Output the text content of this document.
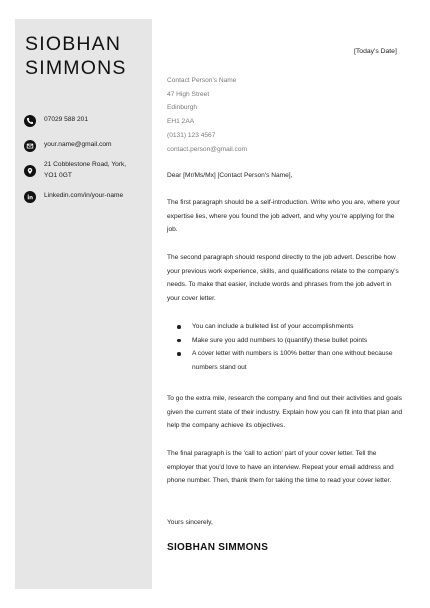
SIOBHAN
SIMMONS
07029 588 201
your.name@gmail.com
21 Cobblestone Road, York,
YO1 0GT
Linkedin.com/in/your-name
[Today's Date]
Contact Person's Name
47 High Street
Edinburgh
EH1 2AA
(0131) 123 4567
contact.person@gmail.com
Dear [Mr/Ms/Mx] [Contact Person's Name],
The first paragraph should be a self-introduction. Write who you are, where your expertise lies, where you found the job advert, and why you're applying for the job.
The second paragraph should respond directly to the job advert. Describe how your previous work experience, skills, and qualifications relate to the company's needs. To make that easier, include words and phrases from the job advert in your cover letter.
You can include a bulleted list of your accomplishments
Make sure you add numbers to (quantify) these bullet points
A cover letter with numbers is 100% better than one without because numbers stand out
To go the extra mile, research the company and find out their activities and goals given the current state of their industry. Explain how you can fit into that plan and help the company achieve its objectives.
The final paragraph is the 'call to action' part of your cover letter. Tell the employer that you'd love to have an interview. Repeat your email address and phone number. Then, thank them for taking the time to read your cover letter.
Yours sincerely,
SIOBHAN SIMMONS
